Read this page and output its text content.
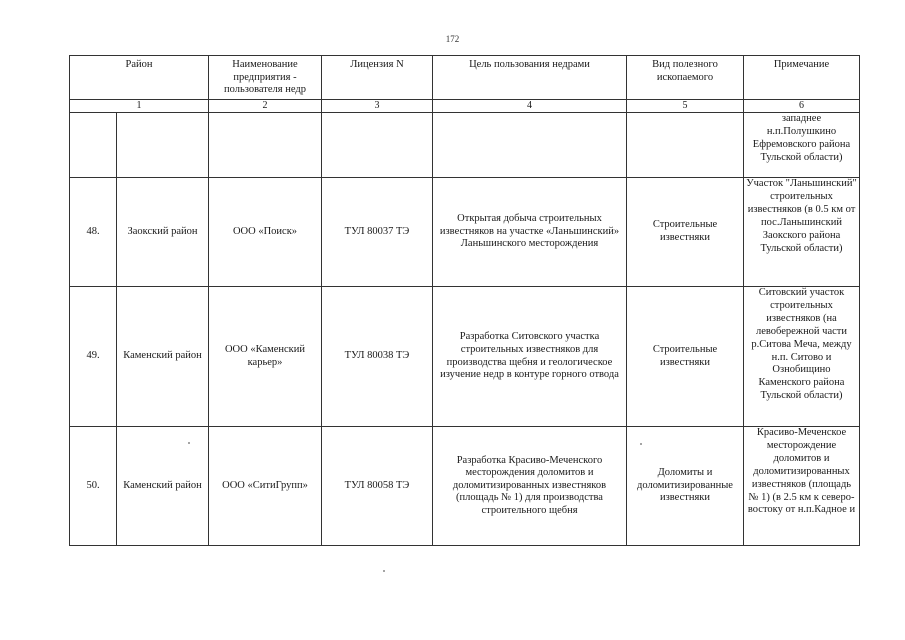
172
Район		Наименование предприятия - пользователя недр	Лицензия N	Цель пользования недрами	Вид полезного ископаемого	Примечание
1		2	3	4	5	6
						западнее н.п.Полушкино Ефремовского района Тульской области)
48.	Заокский район	ООО «Поиск»	ТУЛ 80037 ТЭ	Открытая добыча строительных известняков на участке «Ланьшинский» Ланьшинского месторождения	Строительные известняки	Участок "Ланьшинский" строительных известняков (в 0.5 км от пос.Ланьшинский Заокского района Тульской области)
49.	Каменский район	ООО «Каменский карьер»	ТУЛ 80038 ТЭ	Разработка Ситовского участка строительных известняков для производства щебня и геологическое изучение недр в контуре горного отвода	Строительные известняки	Ситовский участок строительных известняков (на левобережной части р.Ситова Меча, между н.п. Ситово и Ознобищино Каменского района Тульской области)
50.	Каменский район	ООО «СитиГрупп»	ТУЛ 80058 ТЭ	Разработка Красиво-Меченского месторождения доломитов и доломитизированных известняков (площадь № 1) для производства строительного щебня	Доломиты и доломитизированные известняки	Красиво-Меченское месторождение доломитов и доломитизированных известняков (площадь № 1) (в 2.5 км к северо-востоку от н.п.Кадное и
